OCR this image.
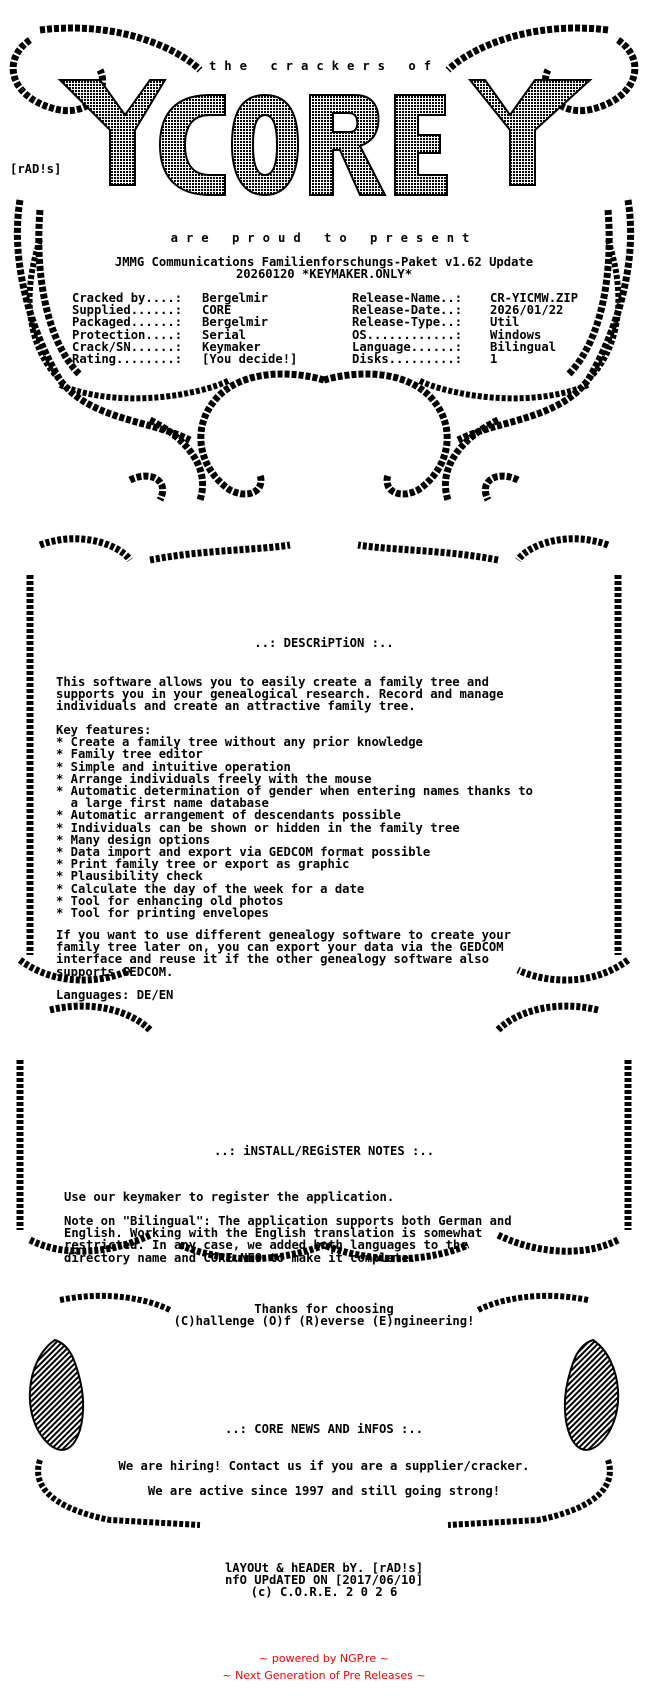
the crackers of
[rAD!s]
are proud to present
JMMG Communications Familienforschungs-Paket v1.62 Update
20260120 *KEYMAKER.ONLY*
Cracked by....:	Bergelmir	Release-Name..:	CR-YICMW.ZIP
Supplied......:	CORE	Release-Date..:	2026/01/22
Packaged......:	Bergelmir	Release-Type..:	Util
Protection....:	Serial	OS............:	Windows
Crack/SN......:	Keymaker	Language......:	Bilingual
Rating........:	[You decide!]	Disks.........:	1
..: DESCRiPTiON :..
This software allows you to easily create a family tree and
supports you in your genealogical research. Record and manage
individuals and create an attractive family tree.
Key features:
* Create a family tree without any prior knowledge
* Family tree editor
* Simple and intuitive operation
* Arrange individuals freely with the mouse
* Automatic determination of gender when entering names thanks to
a large first name database
* Automatic arrangement of descendants possible
* Individuals can be shown or hidden in the family tree
* Many design options
* Data import and export via GEDCOM format possible
* Print family tree or export as graphic
* Plausibility check
* Calculate the day of the week for a date
* Tool for enhancing old photos
* Tool for printing envelopes
If you want to use different genealogy software to create your
family tree later on, you can export your data via the GEDCOM
interface and reuse it if the other genealogy software also
supports GEDCOM.
Languages: DE/EN
..: iNSTALL/REGiSTER NOTES :..
Use our keymaker to register the application.
Note on "Bilingual": The application supports both German and
English. Working with the English translation is somewhat
restricted. In any case, we added both languages to the
directory name and CORE.NFO to make it complete.
Thanks for choosing
(C)hallenge (O)f (R)everse (E)ngineering!
..: CORE NEWS AND iNFOS :..
We are hiring! Contact us if you are a supplier/cracker.
We are active since 1997 and still going strong!
lAYOUt & hEADER bY. [rAD!s]
nfO UPdATED ON [2017/06/10]
(c) C.O.R.E. 2 0 2 6
~ powered by NGP.re ~
~ Next Generation of Pre Releases ~
